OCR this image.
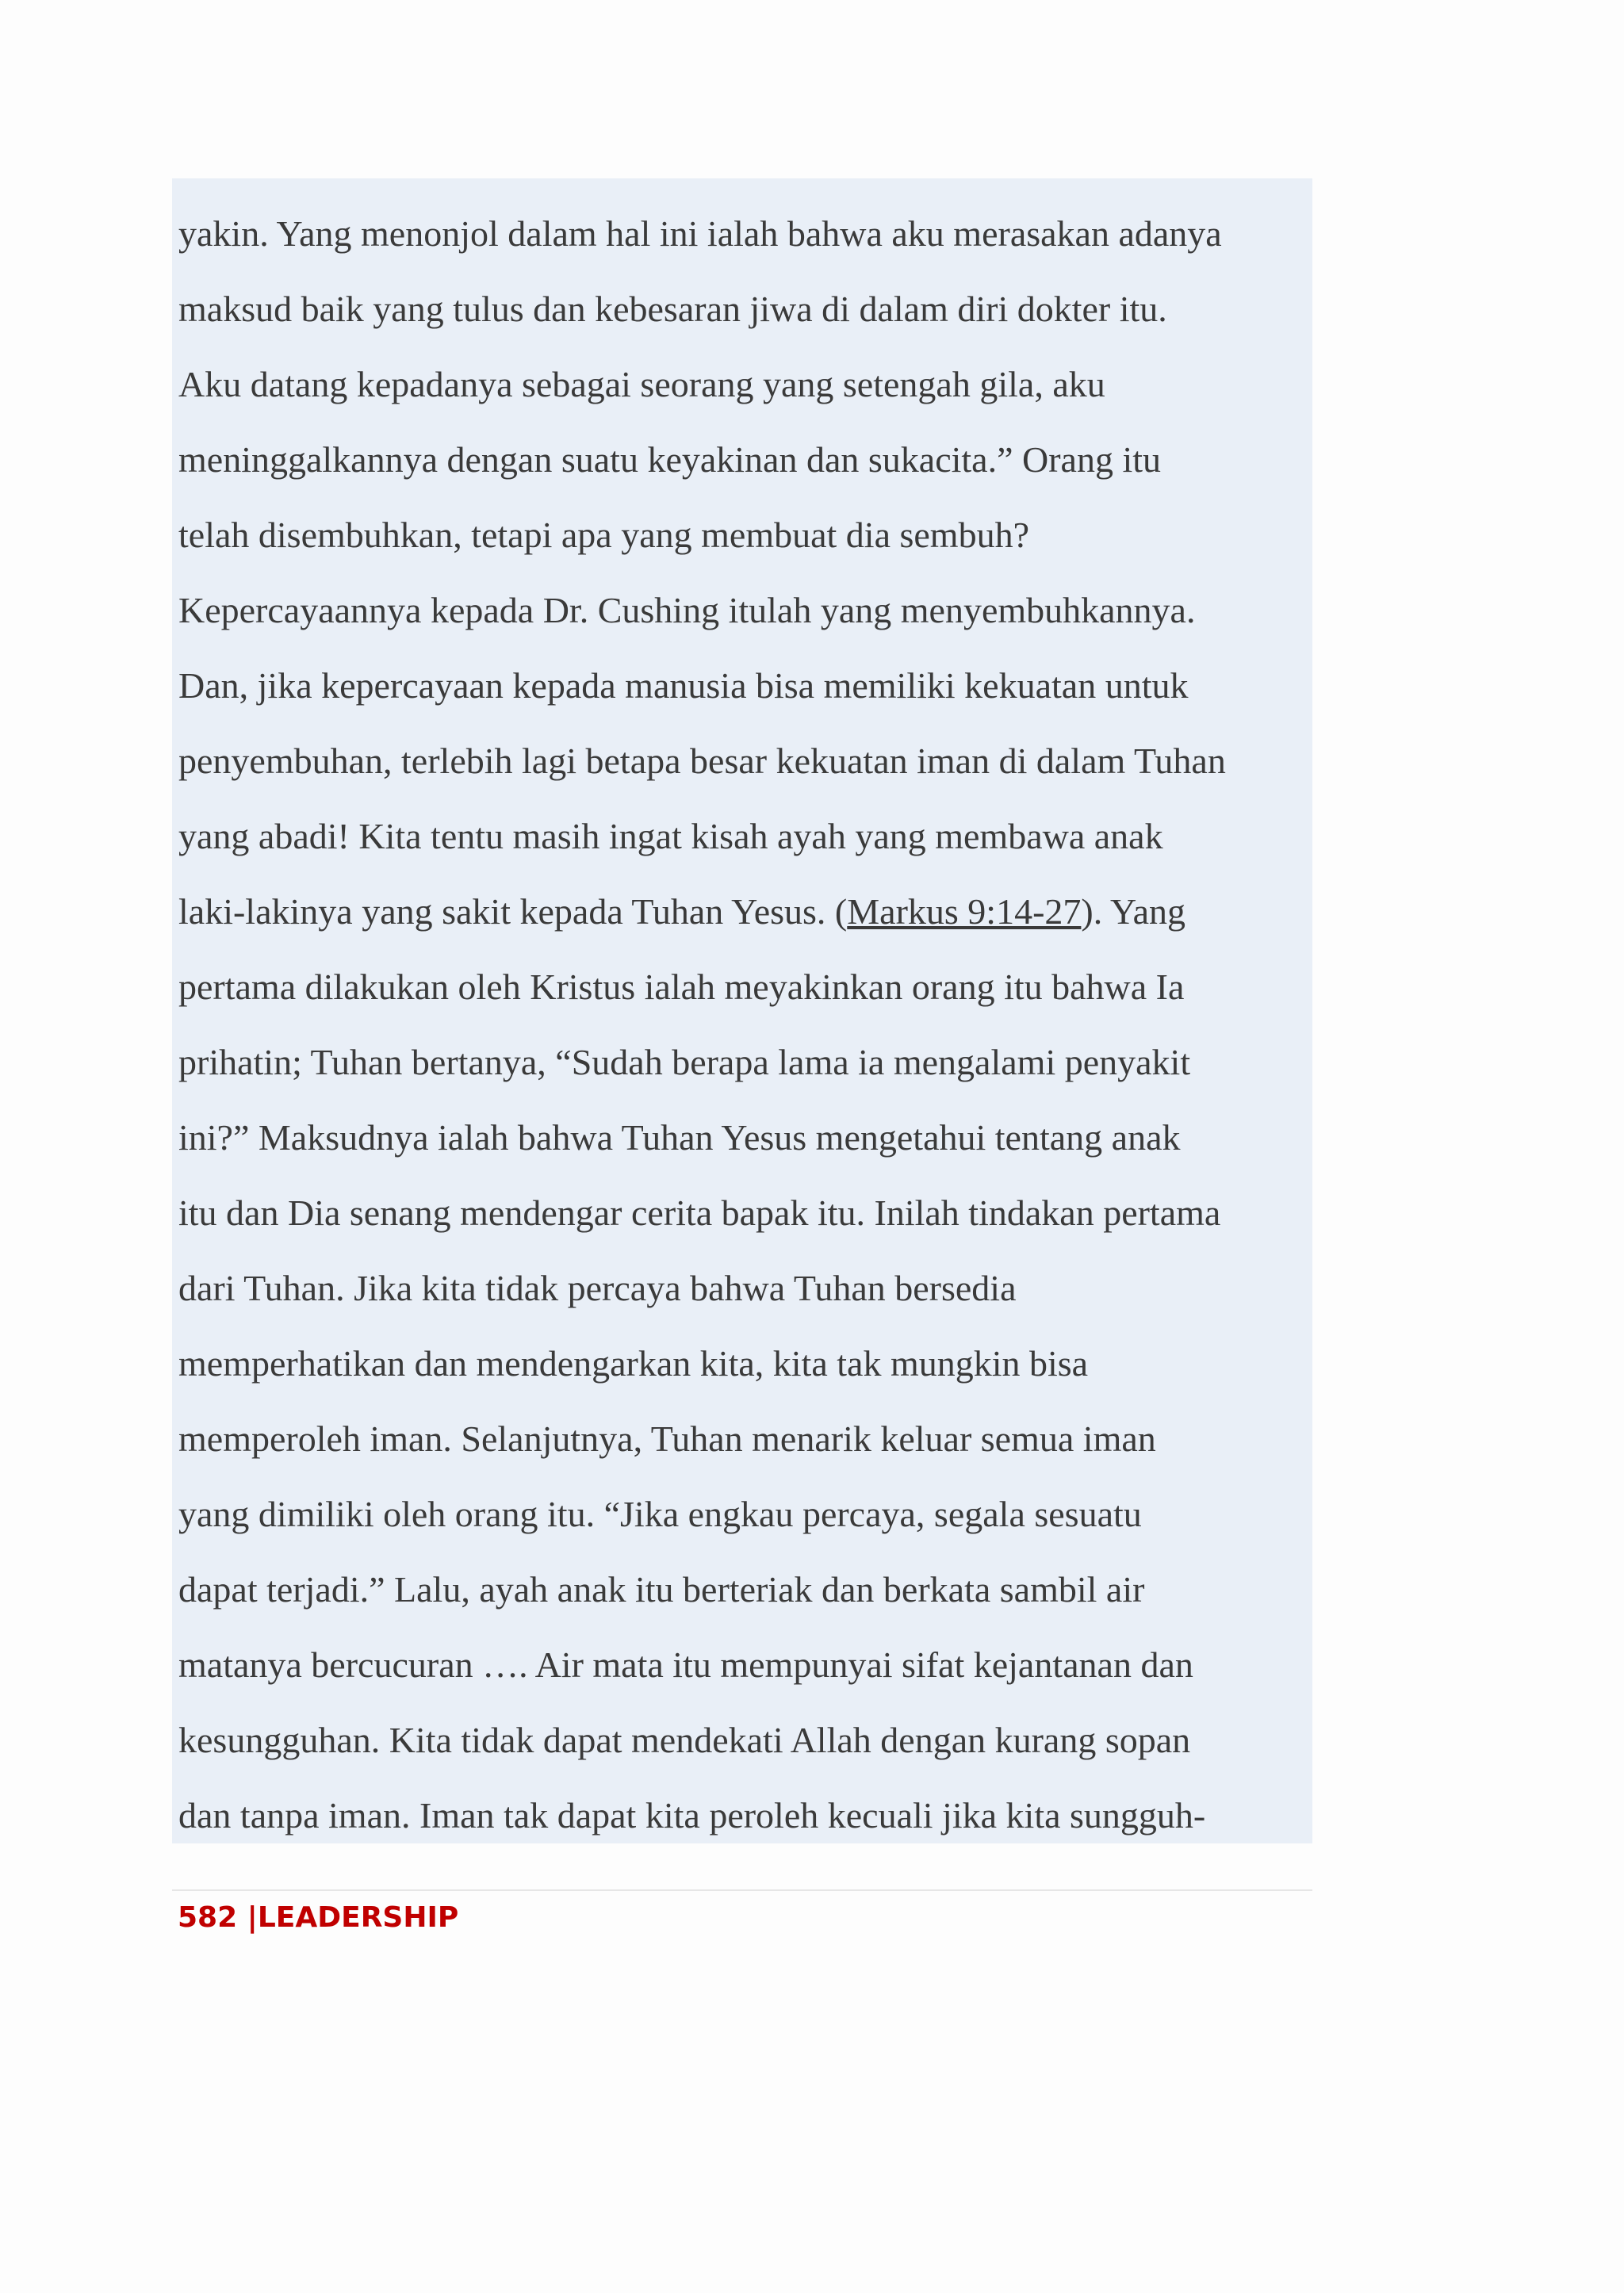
yakin. Yang menonjol dalam hal ini ialah bahwa aku merasakan adanya

maksud baik yang tulus dan kebesaran jiwa di dalam diri dokter itu.

Aku datang kepadanya sebagai seorang yang setengah gila, aku

meninggalkannya dengan suatu keyakinan dan sukacita.” Orang itu

telah disembuhkan, tetapi apa yang membuat dia sembuh?

Kepercayaannya kepada Dr. Cushing itulah yang menyembuhkannya.

Dan, jika kepercayaan kepada manusia bisa memiliki kekuatan untuk

penyembuhan, terlebih lagi betapa besar kekuatan iman di dalam Tuhan

yang abadi! Kita tentu masih ingat kisah ayah yang membawa anak

laki-lakinya yang sakit kepada Tuhan Yesus. (Markus 9:14-27). Yang

pertama dilakukan oleh Kristus ialah meyakinkan orang itu bahwa Ia

prihatin; Tuhan bertanya, “Sudah berapa lama ia mengalami penyakit

ini?” Maksudnya ialah bahwa Tuhan Yesus mengetahui tentang anak

itu dan Dia senang mendengar cerita bapak itu. Inilah tindakan pertama

dari Tuhan. Jika kita tidak percaya bahwa Tuhan bersedia

memperhatikan dan mendengarkan kita, kita tak mungkin bisa

memperoleh iman. Selanjutnya, Tuhan menarik keluar semua iman

yang dimiliki oleh orang itu. “Jika engkau percaya, segala sesuatu

dapat terjadi.” Lalu, ayah anak itu berteriak dan berkata sambil air

matanya bercucuran …. Air mata itu mempunyai sifat kejantanan dan

kesungguhan. Kita tidak dapat mendekati Allah dengan kurang sopan

dan tanpa iman. Iman tak dapat kita peroleh kecuali jika kita sungguh-

582 |LEADERSHIP
